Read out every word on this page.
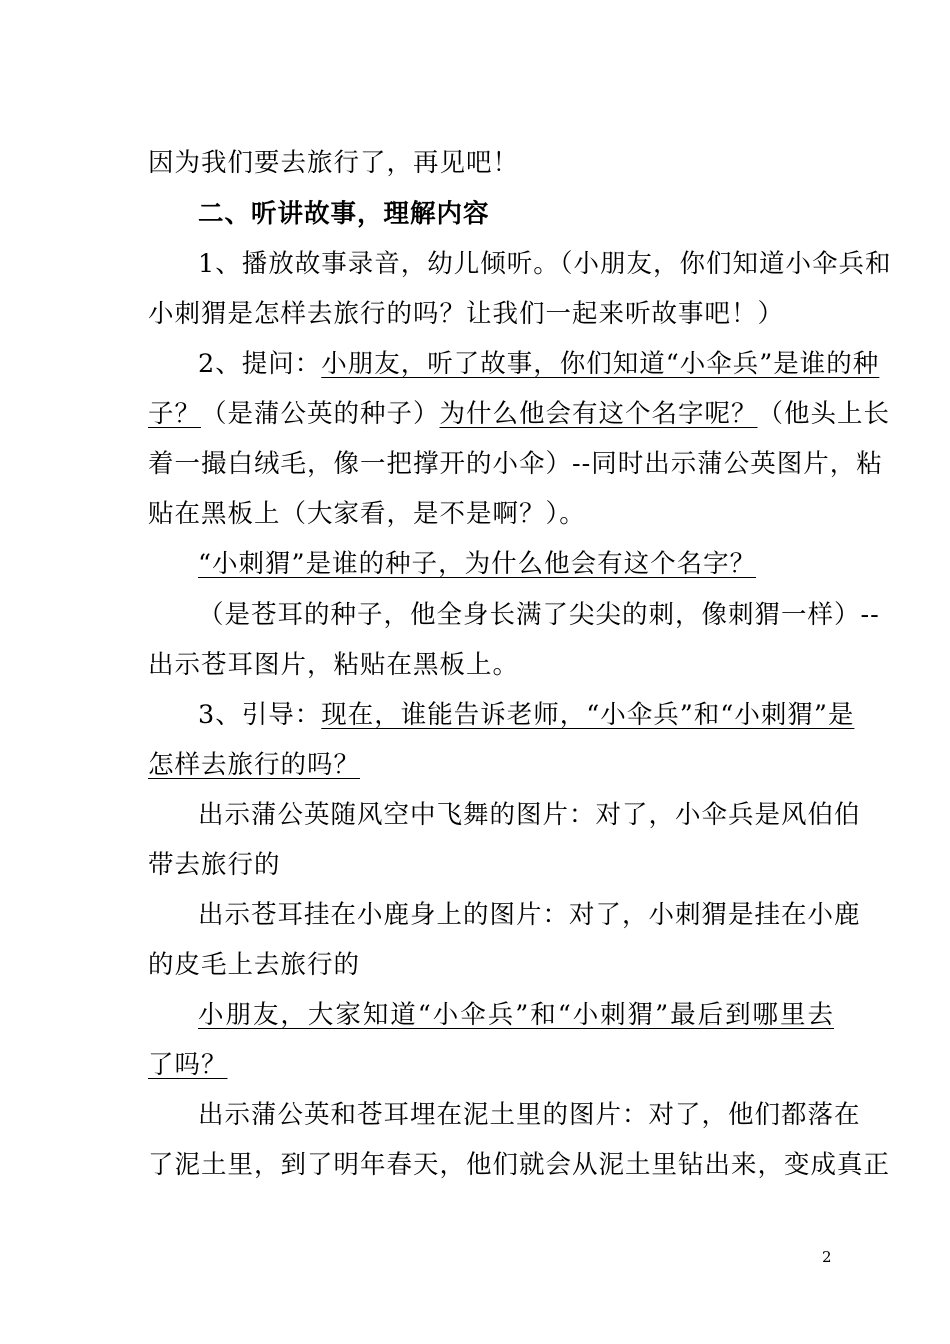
因为我们要去旅行了，再见吧！
二、听讲故事，理解内容
1、播放故事录音，幼儿倾听。（小朋友，你们知道小伞兵和
小刺猬是怎样去旅行的吗？让我们一起来听故事吧！）
2、提问：小朋友，听了故事，你们知道“小伞兵”是谁的种
子？（是蒲公英的种子）为什么他会有这个名字呢？（他头上长
着一撮白绒毛，像一把撑开的小伞）--同时出示蒲公英图片，粘
贴在黑板上（大家看，是不是啊？）。
“小刺猬”是谁的种子，为什么他会有这个名字？
（是苍耳的种子，他全身长满了尖尖的刺，像刺猬一样）--
出示苍耳图片，粘贴在黑板上。
3、引导：现在，谁能告诉老师，“小伞兵”和“小刺猬”是
怎样去旅行的吗？
出示蒲公英随风空中飞舞的图片：对了，小伞兵是风伯伯
带去旅行的
出示苍耳挂在小鹿身上的图片：对了，小刺猬是挂在小鹿
的皮毛上去旅行的
小朋友，大家知道“小伞兵”和“小刺猬”最后到哪里去
了吗？
出示蒲公英和苍耳埋在泥土里的图片：对了，他们都落在
了泥土里，到了明年春天，他们就会从泥土里钻出来，变成真正
2
